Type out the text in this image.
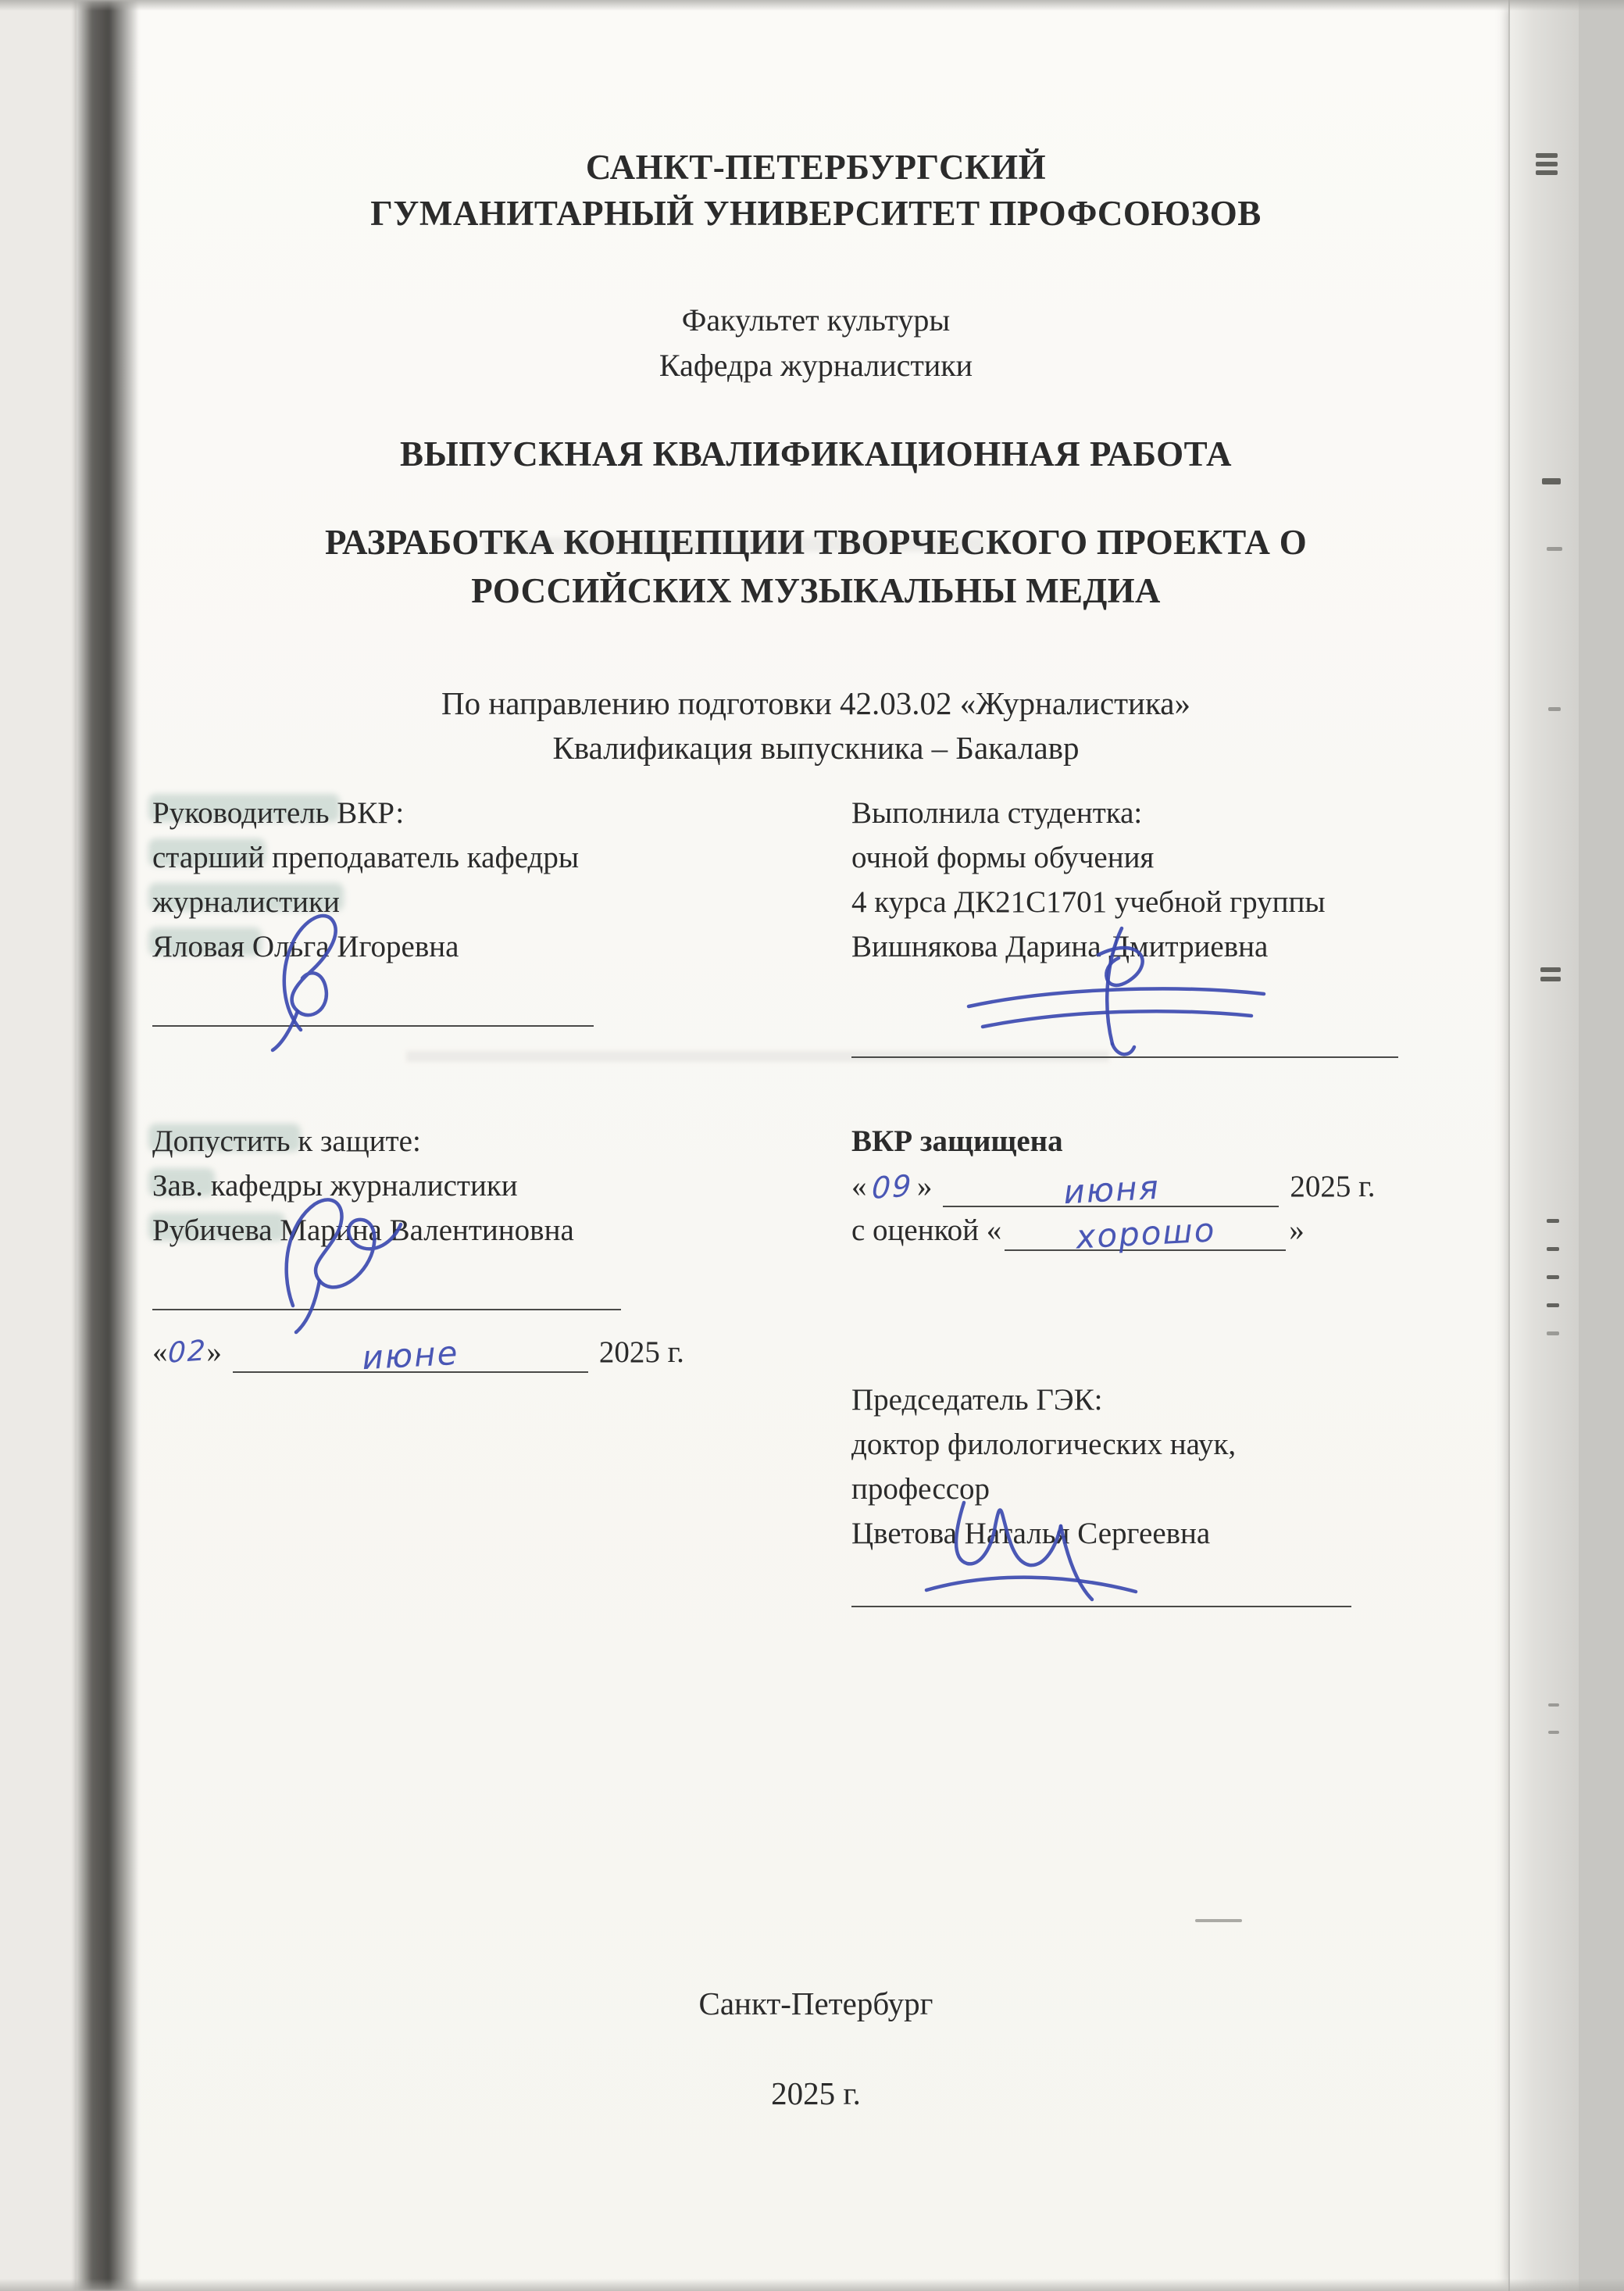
САНКТ-ПЕТЕРБУРГСКИЙ
ГУМАНИТАРНЫЙ УНИВЕРСИТЕТ ПРОФСОЮЗОВ
Факультет культуры
Кафедра журналистики
ВЫПУСКНАЯ КВАЛИФИКАЦИОННАЯ РАБОТА
РАЗРАБОТКА КОНЦЕПЦИИ ТВОРЧЕСКОГО ПРОЕКТА О
РОССИЙСКИХ МУЗЫКАЛЬНЫ МЕДИА
По направлению подготовки 42.03.02 «Журналистика»
Квалификация выпускника – Бакалавр
Руководитель ВКР:
старший преподаватель кафедры
журналистики
Яловая Ольга Игоревна
Допустить к защите:
Зав. кафедры журналистики
Рубичева Марина Валентиновна
« 02 »	июне	2025 г.
Выполнила студентка:
очной формы обучения
4 курса ДК21С1701 учебной группы
Вишнякова Дарина Дмитриевна
ВКР защищена
« 09 »	июня	2025 г.
с оценкой «	хорошо	»
Председатель ГЭК:
доктор филологических наук,
профессор
Цветова Наталья Сергеевна
Санкт-Петербург
2025 г.
